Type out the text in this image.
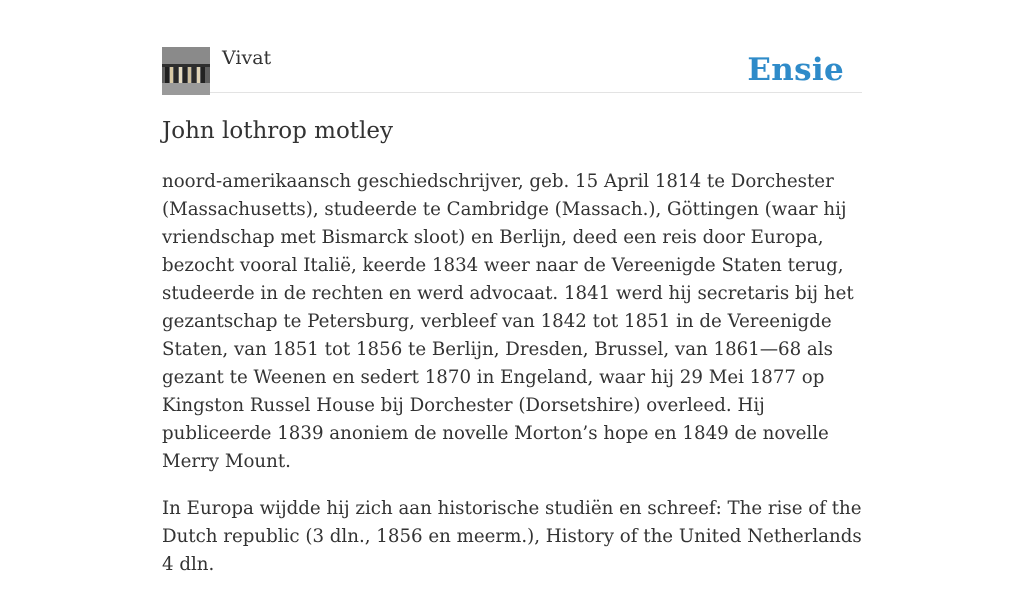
Vivat	Ensie
John lothrop motley

noord-amerikaansch geschiedschrijver, geb. 15 April 1814 te Dorchester (Massachusetts), studeerde te Cambridge (Massach.), Göttingen (waar hij vriendschap met Bismarck sloot) en Berlijn, deed een reis door Europa, bezocht vooral Italië, keerde 1834 weer naar de Vereenigde Staten terug, studeerde in de rechten en werd advocaat. 1841 werd hij secretaris bij het gezantschap te Petersburg, verbleef van 1842 tot 1851 in de Vereenigde Staten, van 1851 tot 1856 te Berlijn, Dresden, Brussel, van 1861—68 als gezant te Weenen en sedert 1870 in Engeland, waar hij 29 Mei 1877 op Kingston Russel House bij Dorchester (Dorsetshire) overleed. Hij publiceerde 1839 anoniem de novelle Morton’s hope en 1849 de novelle Merry Mount.

In Europa wijdde hij zich aan historische studiën en schreef: The rise of the Dutch republic (3 dln., 1856 en meerm.), History of the United Netherlands 4 dln.
